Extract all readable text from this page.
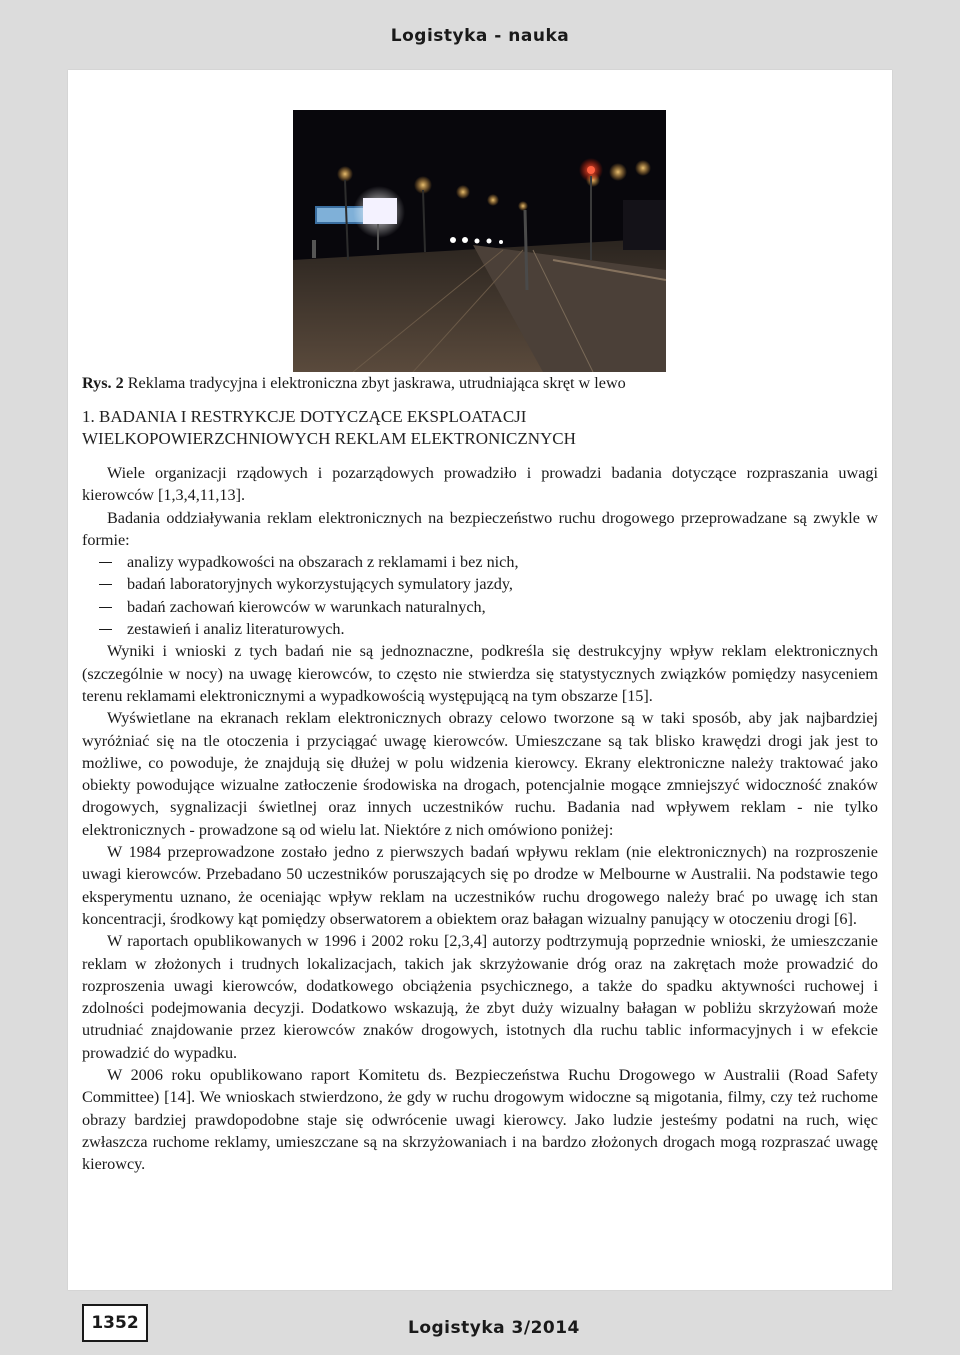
Logistyka - nauka
Rys. 2 Reklama tradycyjna i elektroniczna zbyt jaskrawa, utrudniająca skręt w lewo
1. BADANIA I RESTRYKCJE DOTYCZĄCE EKSPLOATACJI
WIELKOPOWIERZCHNIOWYCH REKLAM ELEKTRONICZNYCH

Wiele organizacji rządowych i pozarządowych prowadziło i prowadzi badania dotyczące rozpraszania uwagi kierowców [1,3,4,11,13].

Badania oddziaływania reklam elektronicznych na bezpieczeństwo ruchu drogowego przeprowadzane są zwykle w formie:

analizy wypadkowości na obszarach z reklamami i bez nich,
badań laboratoryjnych wykorzystujących symulatory jazdy,
badań zachowań kierowców w warunkach naturalnych,
zestawień i analiz literaturowych.

Wyniki i wnioski z tych badań nie są jednoznaczne, podkreśla się destrukcyjny wpływ reklam elektronicznych (szczególnie w nocy) na uwagę kierowców, to często nie stwierdza się statystycznych związków pomiędzy nasyceniem terenu reklamami elektronicznymi a wypadkowością występującą na tym obszarze [15].

Wyświetlane na ekranach reklam elektronicznych obrazy celowo tworzone są w taki sposób, aby jak najbardziej wyróżniać się na tle otoczenia i przyciągać uwagę kierowców. Umieszczane są tak blisko krawędzi drogi jak jest to możliwe, co powoduje, że znajdują się dłużej w polu widzenia kierowcy. Ekrany elektroniczne należy traktować jako obiekty powodujące wizualne zatłoczenie środowiska na drogach, potencjalnie mogące zmniejszyć widoczność znaków drogowych, sygnalizacji świetlnej oraz innych uczestników ruchu. Badania nad wpływem reklam - nie tylko elektronicznych - prowadzone są od wielu lat. Niektóre z nich omówiono poniżej:

W 1984 przeprowadzone zostało jedno z pierwszych badań wpływu reklam (nie elektronicznych) na rozproszenie uwagi kierowców. Przebadano 50 uczestników poruszających się po drodze w Melbourne w Australii. Na podstawie tego eksperymentu uznano, że oceniając wpływ reklam na uczestników ruchu drogowego należy brać po uwagę ich stan koncentracji, środkowy kąt pomiędzy obserwatorem a obiektem oraz bałagan wizualny panujący w otoczeniu drogi [6].

W raportach opublikowanych w 1996 i 2002 roku [2,3,4] autorzy podtrzymują poprzednie wnioski, że umieszczanie reklam w złożonych i trudnych lokalizacjach, takich jak skrzyżowanie dróg oraz na zakrętach może prowadzić do rozproszenia uwagi kierowców, dodatkowego obciążenia psychicznego, a także do spadku aktywności ruchowej i zdolności podejmowania decyzji. Dodatkowo wskazują, że zbyt duży wizualny bałagan w pobliżu skrzyżowań może utrudniać znajdowanie przez kierowców znaków drogowych, istotnych dla ruchu tablic informacyjnych i w efekcie prowadzić do wypadku.

W 2006 roku opublikowano raport Komitetu ds. Bezpieczeństwa Ruchu Drogowego w Australii (Road Safety Committee) [14]. We wnioskach stwierdzono, że gdy w ruchu drogowym widoczne są migotania, filmy, czy też ruchome obrazy bardziej prawdopodobne staje się odwrócenie uwagi kierowcy. Jako ludzie jesteśmy podatni na ruch, więc zwłaszcza ruchome reklamy, umieszczane są na skrzyżowaniach i na bardzo złożonych drogach mogą rozpraszać uwagę kierowcy.

1352	Logistyka 3/2014
